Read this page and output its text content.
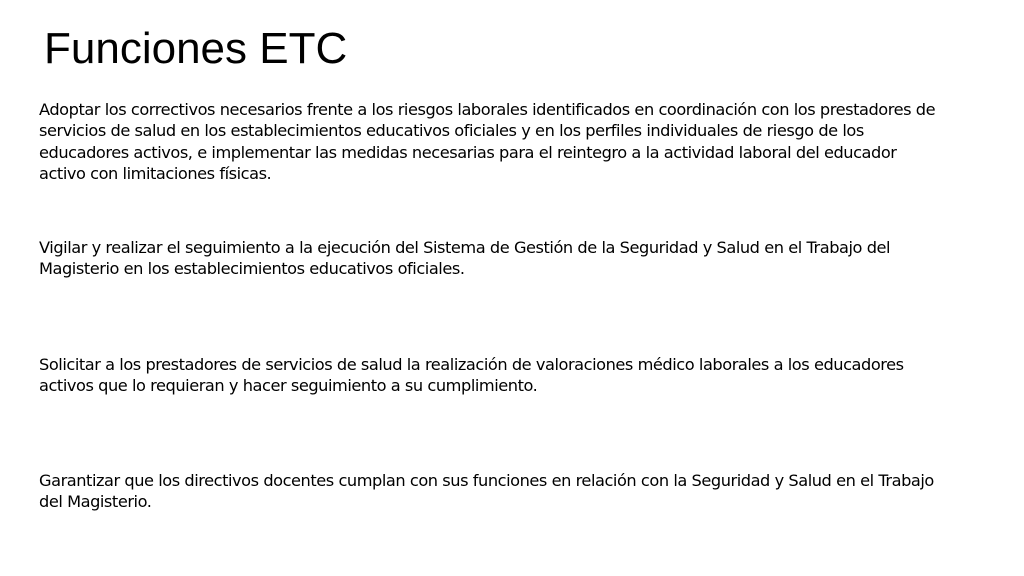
Funciones ETC

Adoptar los correctivos necesarios frente a los riesgos laborales identificados en coordinación con los prestadores de servicios de salud en los establecimientos educativos oficiales y en los perfiles individuales de riesgo de los educadores activos, e implementar las medidas necesarias para el reintegro a la actividad laboral del educador activo con limitaciones físicas.

Vigilar y realizar el seguimiento a la ejecución del Sistema de Gestión de la Seguridad y Salud en el Trabajo del Magisterio en los establecimientos educativos oficiales.

Solicitar a los prestadores de servicios de salud la realización de valoraciones médico laborales a los educadores activos que lo requieran y hacer seguimiento a su cumplimiento.

Garantizar que los directivos docentes cumplan con sus funciones en relación con la Seguridad y Salud en el Trabajo del Magisterio.
